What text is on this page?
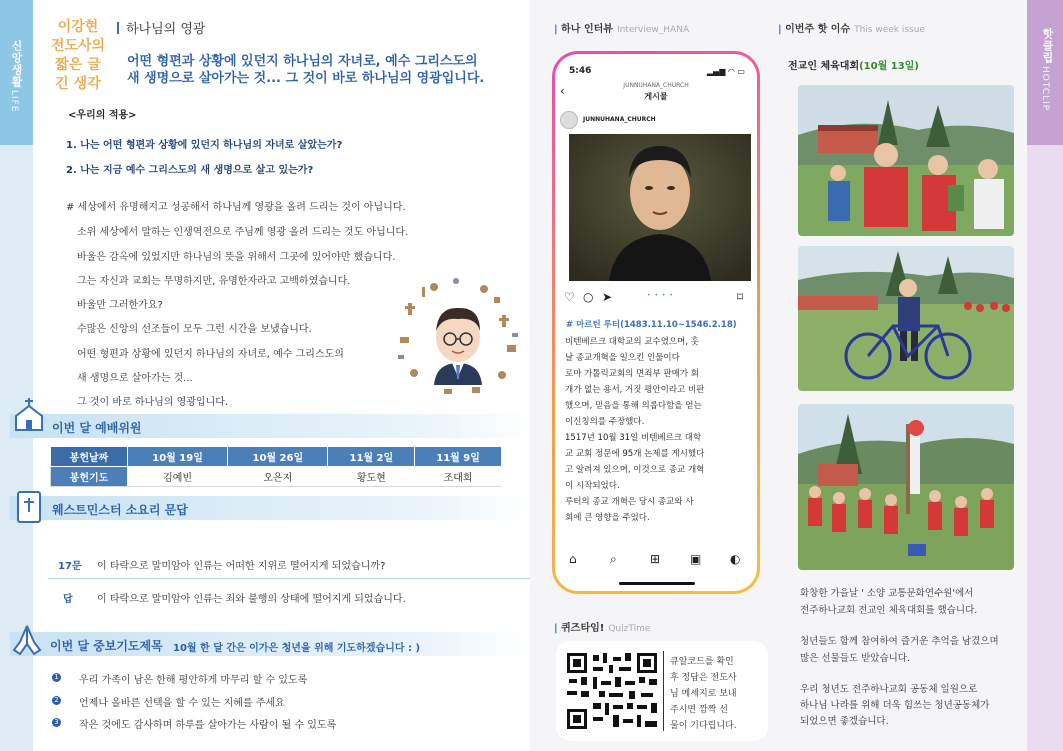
신앙생활
LIFE
핫클립
HOTCLIP
이강현
전도사의
짧은 글
긴 생각
하나님의 영광
어떤 형편과 상황에 있던지 하나님의 자녀로, 예수 그리스도의
새 생명으로 살아가는 것... 그 것이 바로 하나님의 영광입니다.
<우리의 적용>
1. 나는 어떤 형편과 상황에 있던지 하나님의 자녀로 살았는가?
2. 나는 지금 예수 그리스도의 새 생명으로 살고 있는가?
# 세상에서 유명해지고 성공해서 하나님께 영광을 올려 드리는 것이 아닙니다.
소위 세상에서 말하는 인생역전으로 주님께 영광 올려 드리는 것도 아닙니다.
바울은 감옥에 있었지만 하나님의 뜻을 위해서 그곳에 있어야만 했습니다.
그는 자신과 교회는 무명하지만, 유명한자라고 고백하였습니다.
바울만 그러한가요?
수많은 신앙의 선조들이 모두 그런 시간을 보냈습니다.
어떤 형편과 상황에 있던지 하나님의 자녀로, 예수 그리스도의
새 생명으로 살아가는 것...
그 것이 바로 하나님의 영광입니다.
이번 달 예배위원
봉헌날짜	10월 19일	10월 26일	11월 2일	11월 9일
봉헌기도	김예빈	오은지	황도현	조대희
웨스트민스터 소요리 문답
17문 이 타락으로 말미암아 인류는 어떠한 지위로 떨어지게 되었습니까?
답 이 타락으로 말미암아 인류는 죄와 불행의 상태에 떨어지게 되었습니다.
이번 달 중보기도제목 10월 한 달 간은 이가은 청년을 위해 기도하겠습니다 : )
1 우리 가족이 남은 한해 평안하게 마무리 할 수 있도록
2 언제나 올바른 선택을 할 수 있는 지혜를 주세요
3 작은 것에도 감사하며 하루를 살아가는 사람이 될 수 있도록
| 하나 인터뷰 Interview_HANA
5:46	▂▄▆ ◠ ▭
‹	JUNNUHANA_CHURCH
게시물
JUNNUHANA_CHURCH
♡ ○ ➤	• • • •	⌑
# 마르틴 루터(1483.11.10~1546.2.18)
비텐베르크 대학교의 교수였으며, 훗
날 종교개혁을 일으킨 인물이다
로마 가톨릭교회의 면죄부 판매가 회
개가 없는 용서, 거짓 평안이라고 비판
했으며, 믿음을 통해 의롭다함을 얻는
이신칭의를 주장했다.
1517년 10월 31일 비텐베르크 대학
교 교회 정문에 95개 논제를 게시했다
고 알려져 있으며, 이것으로 종교 개혁
이 시작되었다.
루터의 종교 개혁은 당시 종교와 사
회에 큰 영향을 주었다.
⌂	⌕	⊞ ▣ ◐
| 퀴즈타임! QuizTime
큐알코드를 확인
후 정답은 전도사
님 메세지로 보내
주시면 깜짝 선
물이 기다립니다.
| 이번주 핫 이슈 This week issue
전교인 체육대회(10월 13일)
화창한 가을날 ' 소양 교통문화연수원'에서
전주하나교회 전교인 체육대회를 했습니다.
청년들도 함께 참여하여 즐거운 추억을 남겼으며
많은 선물들도 받았습니다.
우리 청년도 전주하나교회 공동체 일원으로
하나님 나라를 위해 더욱 힘쓰는 청년공동체가
되었으면 좋겠습니다.
